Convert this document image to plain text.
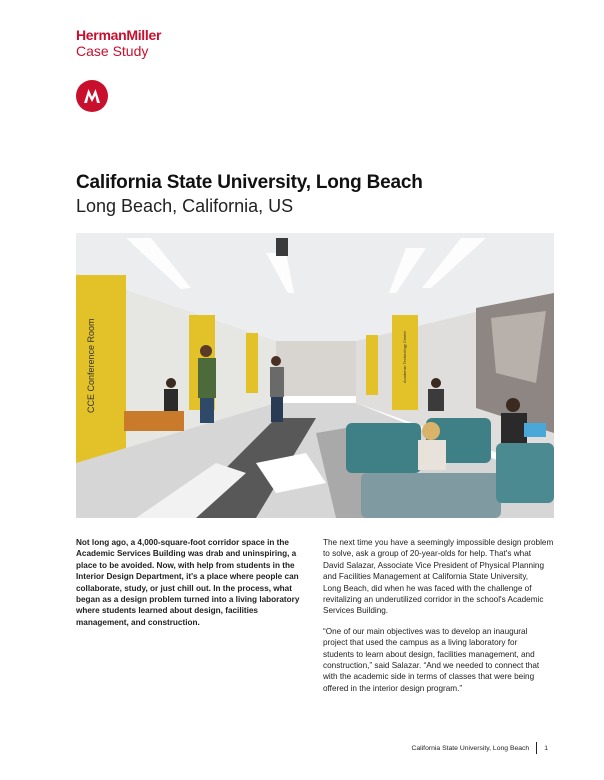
HermanMiller
Case Study
California State University, Long Beach
Long Beach, California, US
CCE Conference Room	Academic Technology Center

Not long ago, a 4,000-square-foot corridor space in the
Academic Services Building was drab and uninspiring, a
place to be avoided. Now, with help from students in the
Interior Design Department, it's a place where people can
collaborate, study, or just chill out. In the process, what
began as a design problem turned into a living laboratory
where students learned about design, facilities
management, and construction.

The next time you have a seemingly impossible design problem
to solve, ask a group of 20-year-olds for help. That's what
David Salazar, Associate Vice President of Physical Planning
and Facilities Management at California State University,
Long Beach, did when he was faced with the challenge of
revitalizing an underutilized corridor in the school's Academic
Services Building.

“One of our main objectives was to develop an inaugural
project that used the campus as a living laboratory for
students to learn about design, facilities management, and
construction,” said Salazar. “And we needed to connect that
with the academic side in terms of classes that were being
offered in the interior design program.”

California State University, Long Beach 1
